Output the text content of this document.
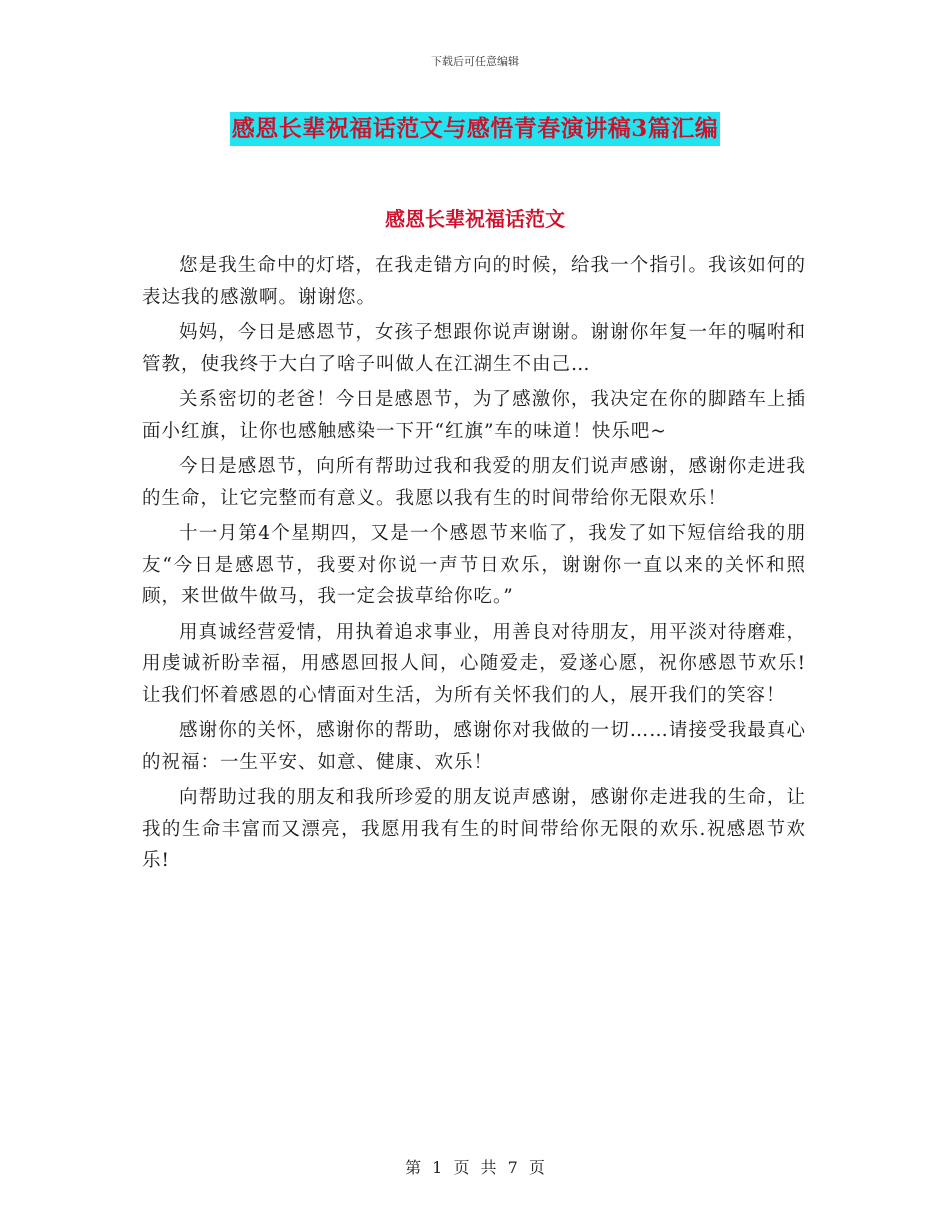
下载后可任意编辑
感恩长辈祝福话范文与感悟青春演讲稿3篇汇编
感恩长辈祝福话范文

您是我生命中的灯塔，在我走错方向的时候，给我一个指引。我该如何的表达我的感激啊。谢谢您。

妈妈，今日是感恩节，女孩子想跟你说声谢谢。谢谢你年复一年的嘱咐和管教，使我终于大白了啥子叫做人在江湖生不由己…

关系密切的老爸！今日是感恩节，为了感激你，我决定在你的脚踏车上插面小红旗，让你也感触感染一下开“红旗”车的味道！快乐吧~

今日是感恩节，向所有帮助过我和我爱的朋友们说声感谢，感谢你走进我的生命，让它完整而有意义。我愿以我有生的时间带给你无限欢乐！

十一月第4个星期四，又是一个感恩节来临了，我发了如下短信给我的朋友“今日是感恩节，我要对你说一声节日欢乐，谢谢你一直以来的关怀和照顾，来世做牛做马，我一定会拔草给你吃。”

用真诚经营爱情，用执着追求事业，用善良对待朋友，用平淡对待磨难，用虔诚祈盼幸福，用感恩回报人间，心随爱走，爱遂心愿，祝你感恩节欢乐!让我们怀着感恩的心情面对生活，为所有关怀我们的人，展开我们的笑容！

感谢你的关怀，感谢你的帮助，感谢你对我做的一切……请接受我最真心的祝福：一生平安、如意、健康、欢乐！

向帮助过我的朋友和我所珍爱的朋友说声感谢，感谢你走进我的生命，让我的生命丰富而又漂亮，我愿用我有生的时间带给你无限的欢乐.祝感恩节欢乐!

第 1 页 共 7 页
